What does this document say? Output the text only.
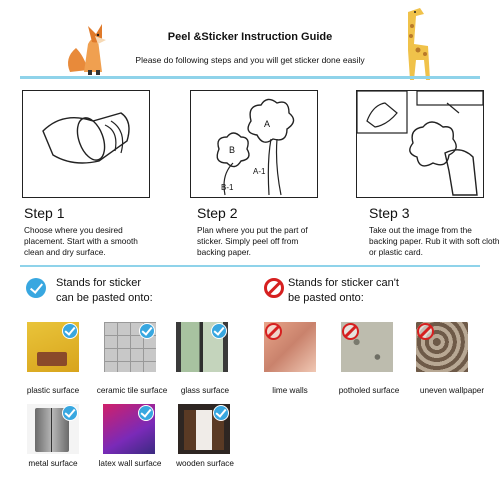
Peel &Sticker Instruction Guide
Please do following steps and you will get sticker done easily
A
B
A-1
B-1
Step 1
Choose where you desired placement. Start with a smooth clean and dry surface.
Step 2
Plan where you put the part of sticker. Simply peel off from backing paper.
Step 3
Take out the image from the backing paper. Rub it with soft cloth or plastic card.
Stands for sticker
can be pasted onto:
Stands for sticker can't
be pasted onto:
plastic surface	ceramic tile surface	glass surface
metal surface	latex wall surface	wooden surface
lime walls	potholed surface	uneven wallpaper
